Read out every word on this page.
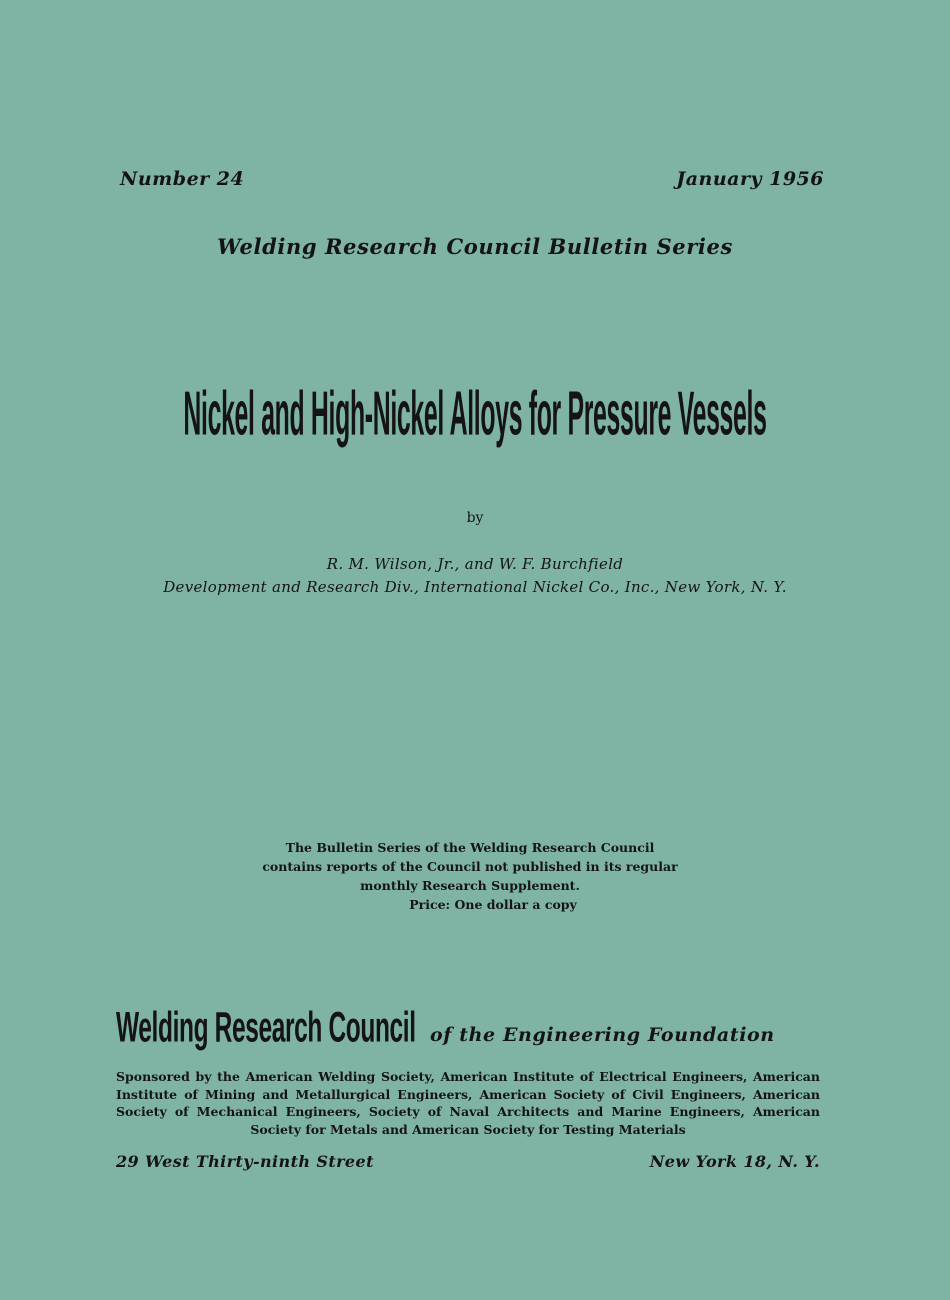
Number 24	January 1956
Welding Research Council Bulletin Series
Nickel and High-Nickel Alloys for Pressure Vessels
by
R. M. Wilson, Jr., and W. F. Burchfield
Development and Research Div., International Nickel Co., Inc., New York, N. Y.
The Bulletin Series of the Welding Research Council contains reports of the Council not published in its regular monthly Research Supplement.
Price: One dollar a copy
Welding Research Council of the Engineering Foundation
Sponsored by the American Welding Society, American Institute of Electrical Engineers, American Institute of Mining and Metallurgical Engineers, American Society of Civil Engineers, American Society of Mechanical Engineers, Society of Naval Architects and Marine Engineers, American Society for Metals and American Society for Testing Materials
29 West Thirty-ninth Street	New York 18, N. Y.
